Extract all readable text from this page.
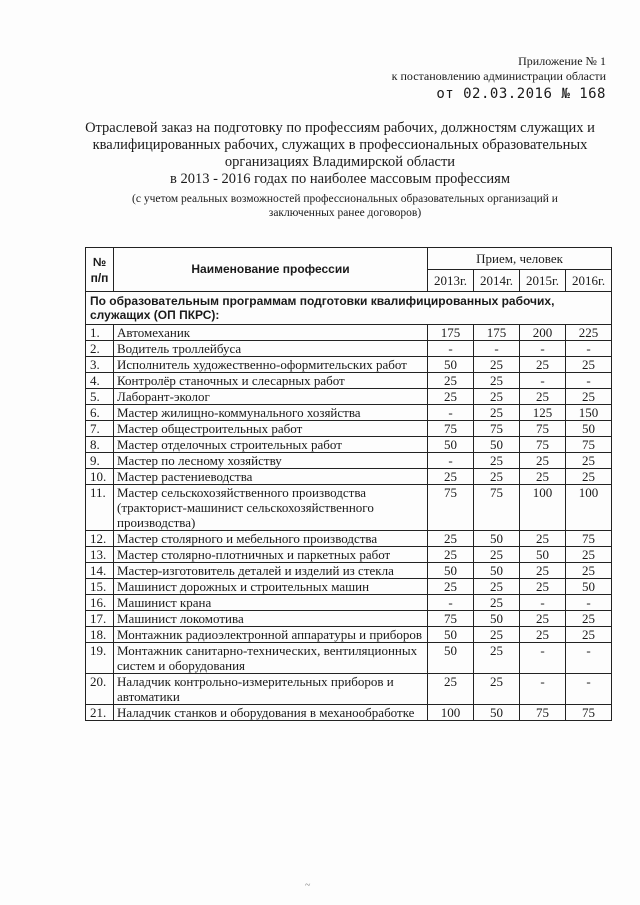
Приложение № 1
к постановлению администрации области
от 02.03.2016 № 168
Отраслевой заказ на подготовку по профессиям рабочих, должностям служащих и квалифицированных рабочих, служащих в профессиональных образовательных организациях Владимирской области
в 2013 - 2016 годах по наиболее массовым профессиям
(с учетом реальных возможностей профессиональных образовательных организаций и заключенных ранее договоров)
№ п/п	Наименование профессии	Прием, человек			
		2013г.	2014г.	2015г.	2016г.
По образовательным программам подготовки квалифицированных рабочих, служащих (ОП ПКРС):					
1.	Автомеханик	175	175	200	225
2.	Водитель троллейбуса	-	-	-	-
3.	Исполнитель художественно-оформительских работ	50	25	25	25
4.	Контролёр станочных и слесарных работ	25	25	-	-
5.	Лаборант-эколог	25	25	25	25
6.	Мастер жилищно-коммунального хозяйства	-	25	125	150
7.	Мастер общестроительных работ	75	75	75	50
8.	Мастер отделочных строительных работ	50	50	75	75
9.	Мастер по лесному хозяйству	-	25	25	25
10.	Мастер растениеводства	25	25	25	25
11.	Мастер сельскохозяйственного производства (тракторист-машинист сельскохозяйственного производства)	75	75	100	100
12.	Мастер столярного и мебельного производства	25	50	25	75
13.	Мастер столярно-плотничных и паркетных работ	25	25	50	25
14.	Мастер-изготовитель деталей и изделий из стекла	50	50	25	25
15.	Машинист дорожных и строительных машин	25	25	25	50
16.	Машинист крана	-	25	-	-
17.	Машинист локомотива	75	50	25	25
18.	Монтажник радиоэлектронной аппаратуры и приборов	50	25	25	25
19.	Монтажник санитарно-технических, вентиляционных систем и оборудования	50	25	-	-
20.	Наладчик контрольно-измерительных приборов и автоматики	25	25	-	-
21.	Наладчик станков и оборудования в механообработке	100	50	75	75
~
